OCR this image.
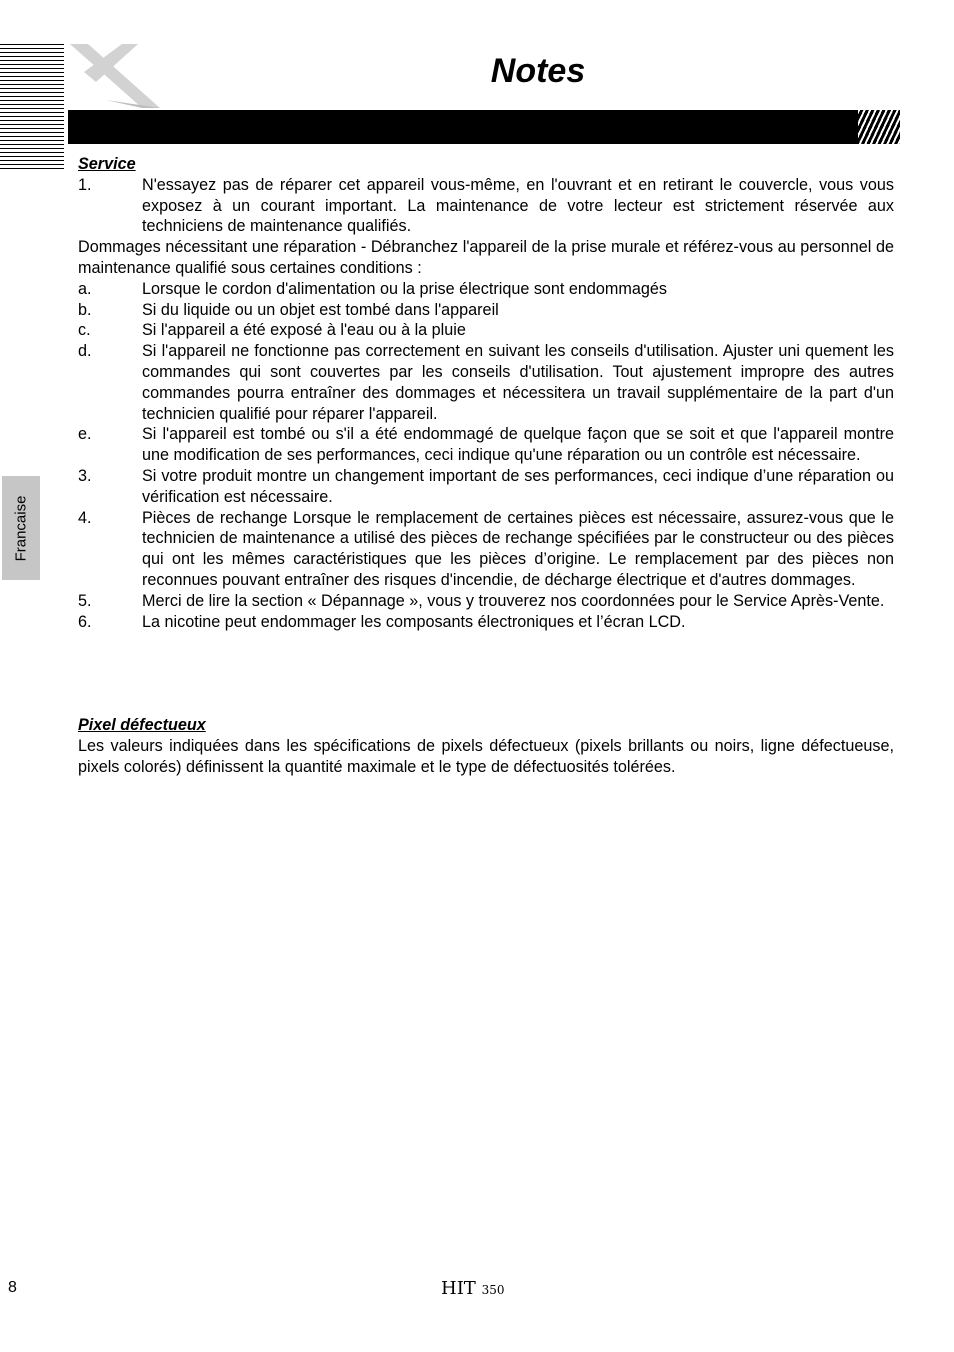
Notes
Francaise
Service
1.	N'essayez pas de réparer cet appareil vous-même, en l'ouvrant et en retirant le couvercle, vous vous exposez à un courant important. La maintenance de votre lecteur est strictement réservée aux techniciens de maintenance qualifiés.
Dommages nécessitant une réparation - Débranchez l'appareil de la prise murale et référez-vous au personnel de maintenance qualifié sous certaines conditions :
a.	Lorsque le cordon d'alimentation ou la prise électrique sont endommagés
b.	Si du liquide ou un objet est tombé dans l'appareil
c.	Si l'appareil a été exposé à l'eau ou à la pluie
d.	Si l'appareil ne fonctionne pas correctement en suivant les conseils d'utilisation. Ajuster uni quement les commandes qui sont couvertes par les conseils d'utilisation. Tout ajustement impropre des autres commandes pourra entraîner des dommages et nécessitera un travail supplémentaire de la part d'un technicien qualifié pour réparer l'appareil.
e.	Si l'appareil est tombé ou s'il a été endommagé de quelque façon que se soit et que l'appareil montre une modification de ses performances, ceci indique qu'une réparation ou un contrôle est nécessaire.
3.	Si votre produit montre un changement important de ses performances, ceci indique d’une réparation ou vérification est nécessaire.
4.	Pièces de rechange Lorsque le remplacement de certaines pièces est nécessaire, assurez-vous que le technicien de maintenance a utilisé des pièces de rechange spécifiées par le constructeur ou des pièces qui ont les mêmes caractéristiques que les pièces d’origine. Le remplacement par des pièces non reconnues pouvant entraîner des risques d'incendie, de décharge électrique et d'autres dommages.
5.	Merci de lire la section « Dépannage », vous y trouverez nos coordonnées pour le Service Après-Vente.
6.	La nicotine peut endommager les composants électroniques et l’écran LCD.
Pixel défectueux
Les valeurs indiquées dans les spécifications de pixels défectueux (pixels brillants ou noirs, ligne défectueuse, pixels colorés) définissent la quantité maximale et le type de défectuosités tolérées.
8	HIT 350
